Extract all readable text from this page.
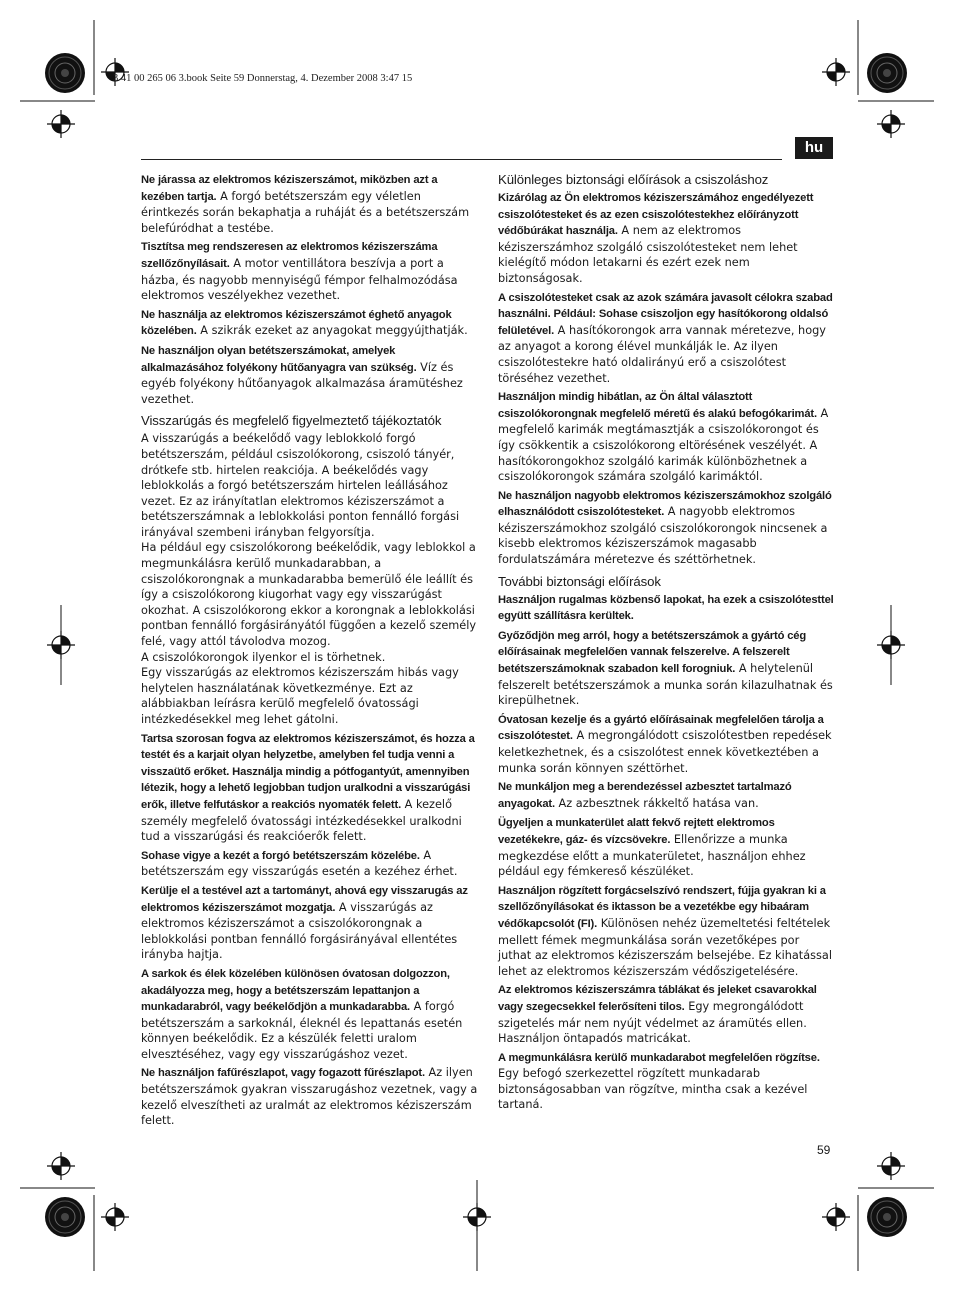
3 41 00 265 06 3.book Seite 59 Donnerstag, 4. Dezember 2008 3:47 15
hu

Ne járassa az elektromos kéziszerszámot, miközben azt a kezében tartja. A forgó betétszerszám egy véletlen érintkezés során bekaphatja a ruháját és a betétszerszám belefúródhat a testébe.

Tisztítsa meg rendszeresen az elektromos kéziszerszáma szellőzőnyílásait. A motor ventillátora beszívja a port a házba, és nagyobb mennyiségű fémpor felhalmozódása elektromos veszélyekhez vezethet.

Ne használja az elektromos kéziszerszámot éghető anyagok közelében. A szikrák ezeket az anyagokat meggyújthatják.

Ne használjon olyan betétszerszámokat, amelyek alkalmazásához folyékony hűtőanyagra van szükség. Víz és egyéb folyékony hűtőanyagok alkalmazása áramütéshez vezethet.

Visszarúgás és megfelelő figyelmeztető tájékoztatók

A visszarúgás a beékelődő vagy leblokkoló forgó betétszerszám, például csiszolókorong, csiszoló tányér, drótkefe stb. hirtelen reakciója. A beékelődés vagy leblokkolás a forgó betétszerszám hirtelen leállásához vezet. Ez az irányítatlan elektromos kéziszerszámot a betétszerszámnak a leblokkolási ponton fennálló forgási irányával szembeni irányban felgyorsítja.

Ha például egy csiszolókorong beékelődik, vagy leblokkol a megmunkálásra kerülő munkadarabban, a csiszolókorongnak a munkadarabba bemerülő éle leállít és így a csiszolókorong kiugorhat vagy egy visszarúgást okozhat. A csiszolókorong ekkor a korongnak a leblokkolási pontban fennálló forgásirányától függően a kezelő személy felé, vagy attól távolodva mozog.

A csiszolókorongok ilyenkor el is törhetnek.

Egy visszarúgás az elektromos kéziszerszám hibás vagy helytelen használatának következménye. Ezt az alábbiakban leírásra kerülő megfelelő óvatossági intézkedésekkel meg lehet gátolni.

Tartsa szorosan fogva az elektromos kéziszerszámot, és hozza a testét és a karjait olyan helyzetbe, amelyben fel tudja venni a visszaütő erőket. Használja mindig a pótfogantyút, amennyiben létezik, hogy a lehető legjobban tudjon uralkodni a visszarúgási erők, illetve felfutáskor a reakciós nyomaték felett. A kezelő személy megfelelő óvatossági intézkedésekkel uralkodni tud a visszarúgási és reakcióerők felett.

Sohase vigye a kezét a forgó betétszerszám közelébe. A betétszerszám egy visszarúgás esetén a kezéhez érhet.

Kerülje el a testével azt a tartományt, ahová egy visszarugás az elektromos kéziszerszámot mozgatja. A visszarúgás az elektromos kéziszerszámot a csiszolókorongnak a leblokkolási pontban fennálló forgásirányával ellentétes irányba hajtja.

A sarkok és élek közelében különösen óvatosan dolgozzon, akadályozza meg, hogy a betétszerszám lepattanjon a munkadarabról, vagy beékelődjön a munkadarabba. A forgó betétszerszám a sarkoknál, éleknél és lepattanás esetén könnyen beékelődik. Ez a készülék feletti uralom elvesztéséhez, vagy egy visszarúgáshoz vezet.

Ne használjon fafűrészlapot, vagy fogazott fűrészlapot. Az ilyen betétszerszámok gyakran visszarugáshoz vezetnek, vagy a kezelő elveszítheti az uralmát az elektromos kéziszerszám felett.

Különleges biztonsági előírások a csiszoláshoz

Kizárólag az Ön elektromos kéziszerszámához engedélyezett csiszolótesteket és az ezen csiszolótestekhez előírányzott védőbúrákat használja. A nem az elektromos kéziszerszámhoz szolgáló csiszolótesteket nem lehet kielégítő módon letakarni és ezért ezek nem biztonságosak.

A csiszolótesteket csak az azok számára javasolt célokra szabad használni. Például: Sohase csiszoljon egy hasítókorong oldalsó felületével. A hasítókorongok arra vannak méretezve, hogy az anyagot a korong élével munkálják le. Az ilyen csiszolótestekre ható oldalirányú erő a csiszolótest töréséhez vezethet.

Használjon mindig hibátlan, az Ön által választott csiszolókorongnak megfelelő méretű és alakú befogókarimát. A megfelelő karimák megtámasztják a csiszolókorongot és így csökkentik a csiszolókorong eltörésének veszélyét. A hasítókorongokhoz szolgáló karimák különbözhetnek a csiszolókorongok számára szolgáló karimáktól.

Ne használjon nagyobb elektromos kéziszerszámokhoz szolgáló elhasználódott csiszolótesteket. A nagyobb elektromos kéziszerszámokhoz szolgáló csiszolókorongok nincsenek a kisebb elektromos kéziszerszámok magasabb fordulatszámára méretezve és széttörhetnek.

További biztonsági előírások

Használjon rugalmas közbenső lapokat, ha ezek a csiszolótesttel együtt szállításra kerültek.

Győződjön meg arról, hogy a betétszerszámok a gyártó cég előírásainak megfelelően vannak felszerelve. A felszerelt betétszerszámoknak szabadon kell forogniuk. A helytelenül felszerelt betétszerszámok a munka során kilazulhatnak és kirepülhetnek.

Óvatosan kezelje és a gyártó előírásainak megfelelően tárolja a csiszolótestet. A megrongálódott csiszolótestben repedések keletkezhetnek, és a csiszolótest ennek következtében a munka során könnyen széttörhet.

Ne munkáljon meg a berendezéssel azbesztet tartalmazó anyagokat. Az azbesztnek rákkeltő hatása van.

Ügyeljen a munkaterület alatt fekvő rejtett elektromos vezetékekre, gáz- és vízcsövekre. Ellenőrizze a munka megkezdése előtt a munkaterületet, használjon ehhez például egy fémkereső készüléket.

Használjon rögzített forgácselszívó rendszert, fújja gyakran ki a szellőzőnyílásokat és iktasson be a vezetékbe egy hibaáram védőkapcsolót (FI). Különösen nehéz üzemeltetési feltételek mellett fémek megmunkálása során vezetőképes por juthat az elektromos kéziszerszám belsejébe. Ez kihatással lehet az elektromos kéziszerszám védőszigetelésére.

Az elektromos kéziszerszámra táblákat és jeleket csavarokkal vagy szegecsekkel felerősíteni tilos. Egy megrongálódott szigetelés már nem nyújt védelmet az áramütés ellen. Használjon öntapadós matricákat.

A megmunkálásra kerülő munkadarabot megfelelően rögzítse. Egy befogó szerkezettel rögzített munkadarab biztonságosabban van rögzítve, mintha csak a kezével tartaná.

59
